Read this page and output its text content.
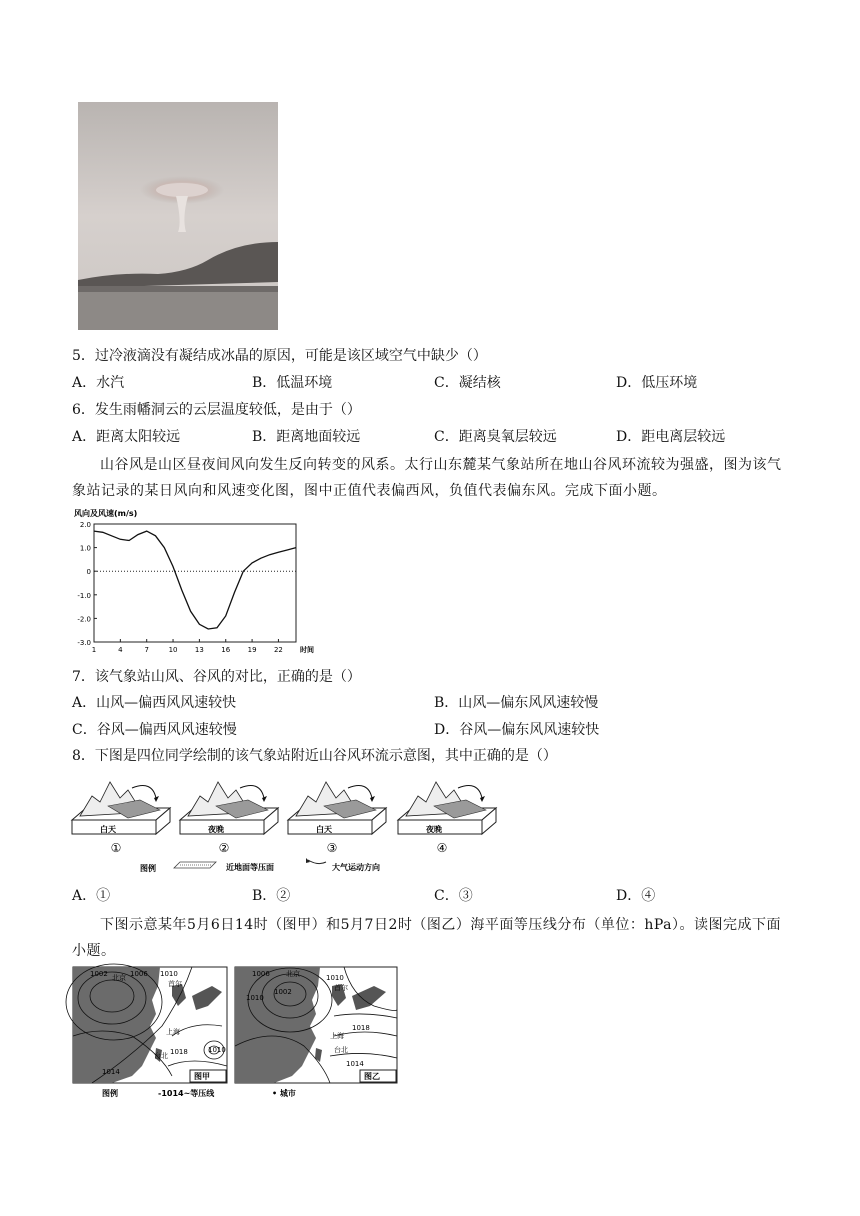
5．过冷液滴没有凝结成冰晶的原因，可能是该区域空气中缺少（）
A．水汽	B．低温环境	C．凝结核	D．低压环境
6．发生雨幡洞云的云层温度较低，是由于（）
A．距离太阳较远	B．距离地面较远	C．距离臭氧层较远	D．距电离层较远
山谷风是山区昼夜间风向发生反向转变的风系。太行山东麓某气象站所在地山谷风环流较为强盛，图为该气象站记录的某日风向和风速变化图，图中正值代表偏西风，负值代表偏东风。完成下面小题。
风向及风速(m/s)
2.0
1.0
0
-1.0
-2.0
-3.0
1	4	7	10 13 16 19 22 时间
7．该气象站山风、谷风的对比，正确的是（）
A．山风—偏西风风速较快	B．山风—偏东风风速较慢
C．谷风—偏西风风速较慢	D．谷风—偏东风风速较快
8．下图是四位同学绘制的该气象站附近山谷风环流示意图，其中正确的是（）
白天
①
夜晚
②
白天
③
夜晚
④
图例	近地面等压面	大气运动方向
A．①	B．②	C．③	D．④
下图示意某年5月6日14时（图甲）和5月7日2时（图乙）海平面等压线分布（单位：hPa）。读图完成下面小题。
1002 北京 1006 1010
首尔
上海
1018
台北
1010
1014	图甲
1006 北京
1002
1010
首尔
1010
上海
1018
台北
1014
图乙
图例	-1014~等压线	• 城市
